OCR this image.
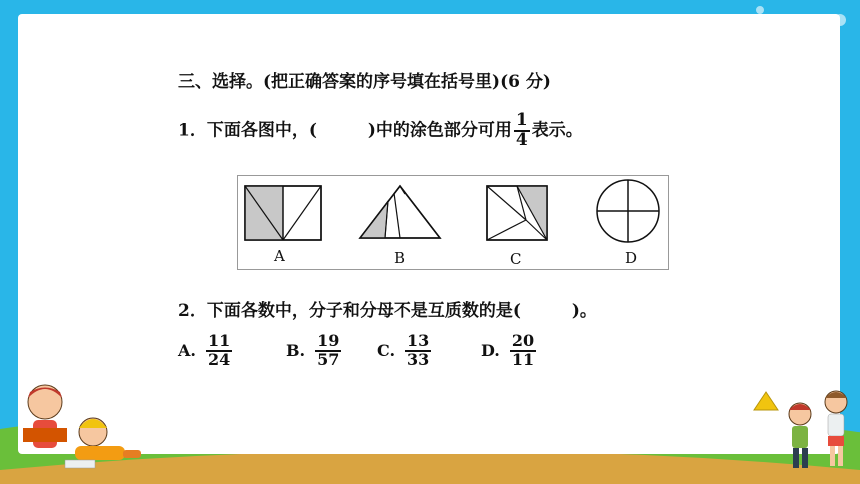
三、选择。(把正确答案的序号填在括号里)(6 分)
1．下面各图中，(　　　)中的涂色部分可用 $\frac{1}{4}$ 表示。
A	B	C	D
2．下面各数中，分子和分母不是互质数的是(　　　)。
A. $\frac{11}{24}$	B. $\frac{19}{57} C$. $\frac{13}{33}$	D. $\frac{20}{11}$
